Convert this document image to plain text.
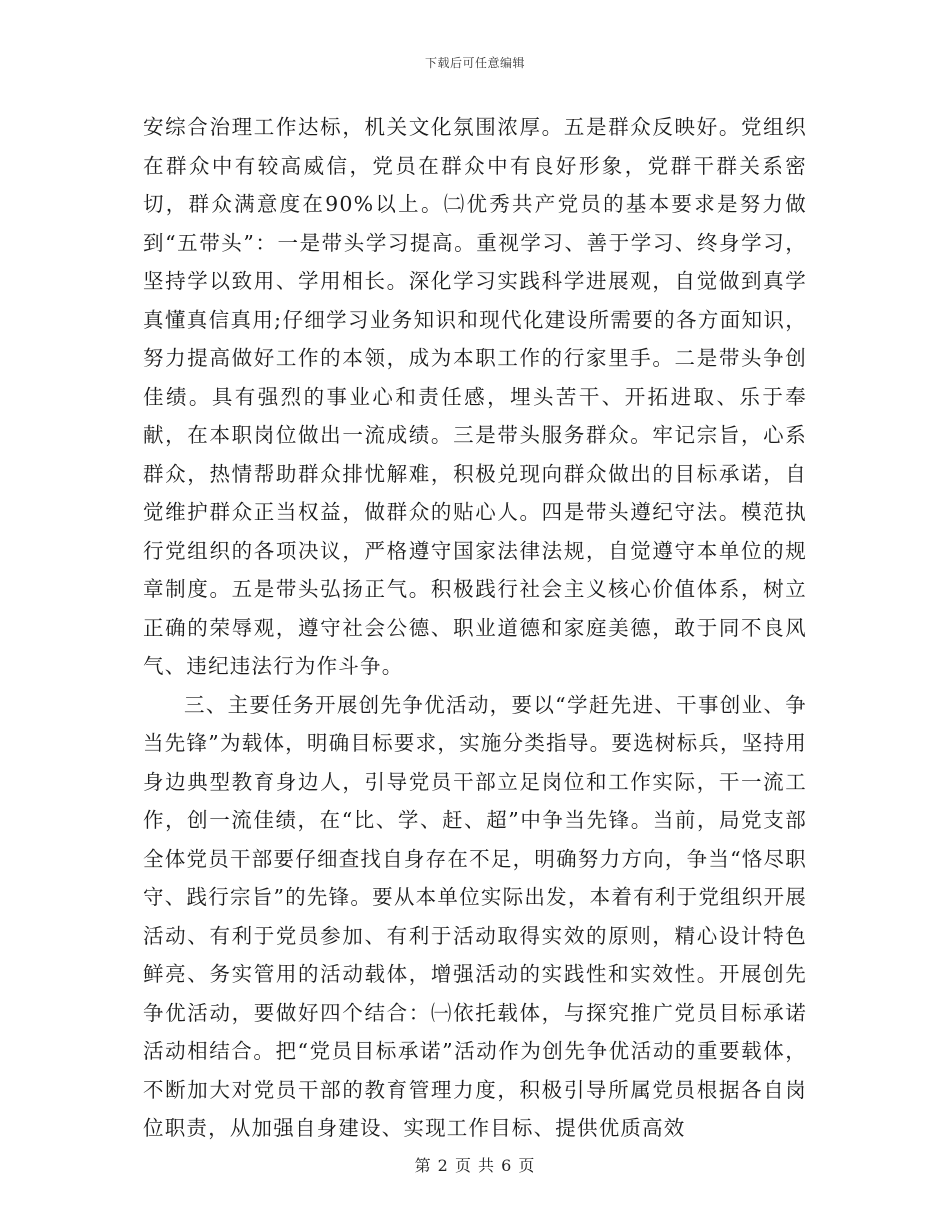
下载后可任意编辑

安综合治理工作达标，机关文化氛围浓厚。五是群众反映好。党组织在群众中有较高威信，党员在群众中有良好形象，党群干群关系密切，群众满意度在90%以上。㈡优秀共产党员的基本要求是努力做到“五带头”：一是带头学习提高。重视学习、善于学习、终身学习，坚持学以致用、学用相长。深化学习实践科学进展观，自觉做到真学真懂真信真用;仔细学习业务知识和现代化建设所需要的各方面知识，努力提高做好工作的本领，成为本职工作的行家里手。二是带头争创佳绩。具有强烈的事业心和责任感，埋头苦干、开拓进取、乐于奉献，在本职岗位做出一流成绩。三是带头服务群众。牢记宗旨，心系群众，热情帮助群众排忧解难，积极兑现向群众做出的目标承诺，自觉维护群众正当权益，做群众的贴心人。四是带头遵纪守法。模范执行党组织的各项决议，严格遵守国家法律法规，自觉遵守本单位的规章制度。五是带头弘扬正气。积极践行社会主义核心价值体系，树立正确的荣辱观，遵守社会公德、职业道德和家庭美德，敢于同不良风气、违纪违法行为作斗争。

三、主要任务开展创先争优活动，要以“学赶先进、干事创业、争当先锋”为载体，明确目标要求，实施分类指导。要选树标兵，坚持用身边典型教育身边人，引导党员干部立足岗位和工作实际，干一流工作，创一流佳绩，在“比、学、赶、超”中争当先锋。当前，局党支部全体党员干部要仔细查找自身存在不足，明确努力方向，争当“恪尽职守、践行宗旨”的先锋。要从本单位实际出发，本着有利于党组织开展活动、有利于党员参加、有利于活动取得实效的原则，精心设计特色鲜亮、务实管用的活动载体，增强活动的实践性和实效性。开展创先争优活动，要做好四个结合：㈠依托载体，与探究推广党员目标承诺活动相结合。把“党员目标承诺”活动作为创先争优活动的重要载体，不断加大对党员干部的教育管理力度，积极引导所属党员根据各自岗位职责，从加强自身建设、实现工作目标、提供优质高效

第 2 页 共 6 页
